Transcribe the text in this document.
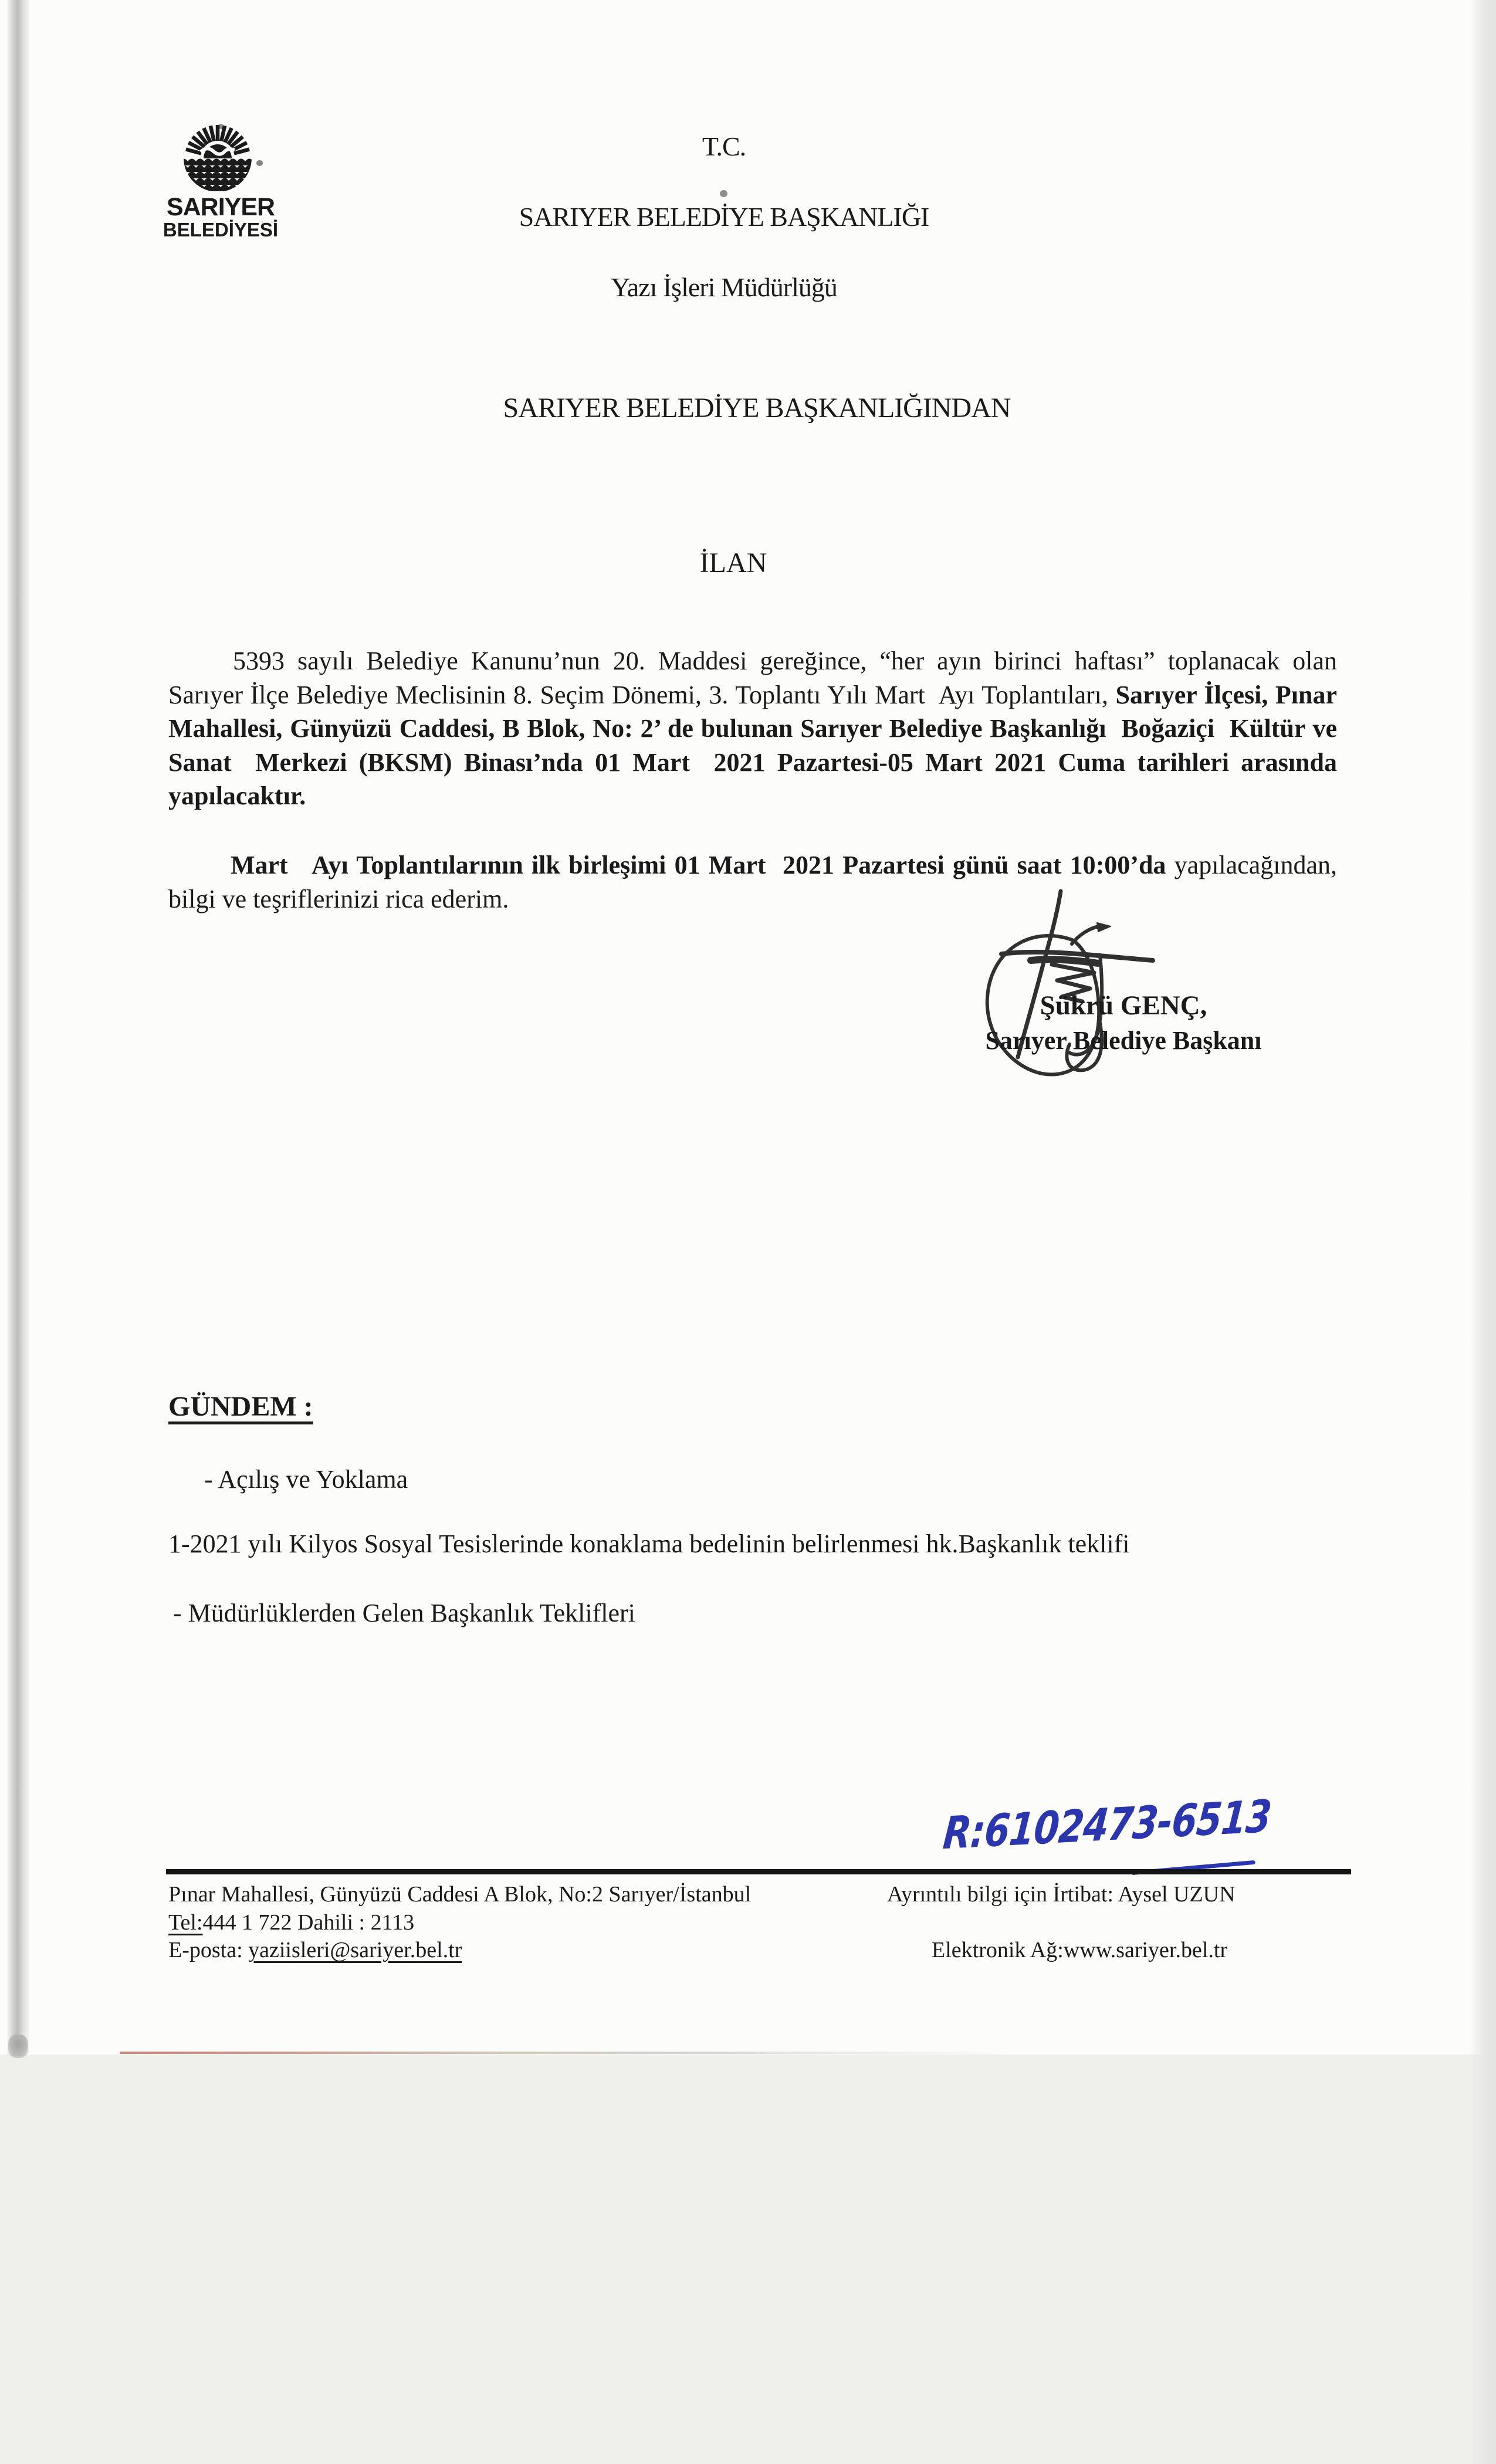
SARIYER
BELEDİYESİ
T.C.

SARIYER BELEDİYE BAŞKANLIĞI

Yazı İşleri Müdürlüğü
SARIYER BELEDİYE BAŞKANLIĞINDAN
İLAN
5393 sayılı Belediye Kanunu’nun 20. Maddesi gereğince, “her ayın birinci haftası” toplanacak olan Sarıyer İlçe Belediye Meclisinin 8. Seçim Dönemi, 3. Toplantı Yılı Mart  Ayı Toplantıları, Sarıyer İlçesi, Pınar Mahallesi, Günyüzü Caddesi, B Blok, No: 2’ de bulunan Sarıyer Belediye Başkanlığı  Boğaziçi  Kültür ve  Sanat  Merkezi (BKSM) Binası’nda 01 Mart  2021 Pazartesi-05 Mart 2021 Cuma tarihleri arasında yapılacaktır.
Mart   Ayı Toplantılarının ilk birleşimi 01 Mart  2021 Pazartesi günü saat 10:00’da yapılacağından, bilgi ve teşriflerinizi rica ederim.
Şükrü GENÇ,
Sarıyer Belediye Başkanı
GÜNDEM :
- Açılış ve Yoklama
1-2021 yılı Kilyos Sosyal Tesislerinde konaklama bedelinin belirlenmesi hk.Başkanlık teklifi
- Müdürlüklerden Gelen Başkanlık Teklifleri
R:6102473-6513
Pınar Mahallesi, Günyüzü Caddesi A Blok, No:2 Sarıyer/İstanbul
Tel:444 1 722 Dahili : 2113
E-posta: yaziisleri@sariyer.bel.tr
Ayrıntılı bilgi için İrtibat: Aysel UZUN
Elektronik Ağ:www.sariyer.bel.tr
